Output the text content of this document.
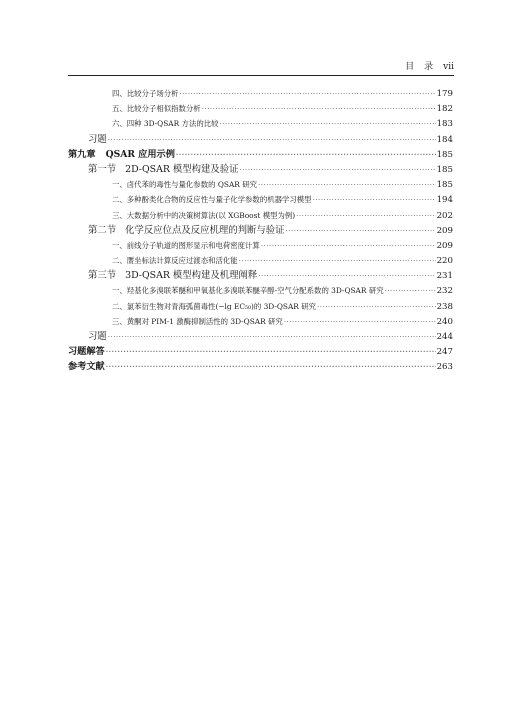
目 录 vii
四、比较分子场分析 ·····	179
五、比较分子相似指数分析 ·····	182
六、四种 3D-QSAR 方法的比较 ·····	183
习题 ·····	184
第九章 QSAR 应用示例 ·····	185
第一节 2D-QSAR 模型构建及验证 ·····	185
一、卤代苯的毒性与量化参数的 QSAR 研究 ·····	185
二、多种酚类化合物的反应性与量子化学参数的机器学习模型 ·····	194
三、大数据分析中的决策树算法(以 XGBoost 模型为例) ·····	202
第二节 化学反应位点及反应机理的判断与验证 ·····	209
一、前线分子轨道的图形显示和电荷密度计算 ·····	209
二、赝坐标法计算反应过渡态和活化能 ·····	220
第三节 3D-QSAR 模型构建及机理阐释 ·····	231
一、羟基化多溴联苯醚和甲氧基化多溴联苯醚辛醇-空气分配系数的 3D-QSAR 研究 ·····	232
二、氯苯衍生物对青海弧菌毒性(−lg EC₅₀)的 3D-QSAR 研究 ·····	238
三、黄酮对 PIM-1 激酶抑制活性的 3D-QSAR 研究 ·····	240
习题 ·····	244
习题解答 ·····	247
参考文献 ·····	263
